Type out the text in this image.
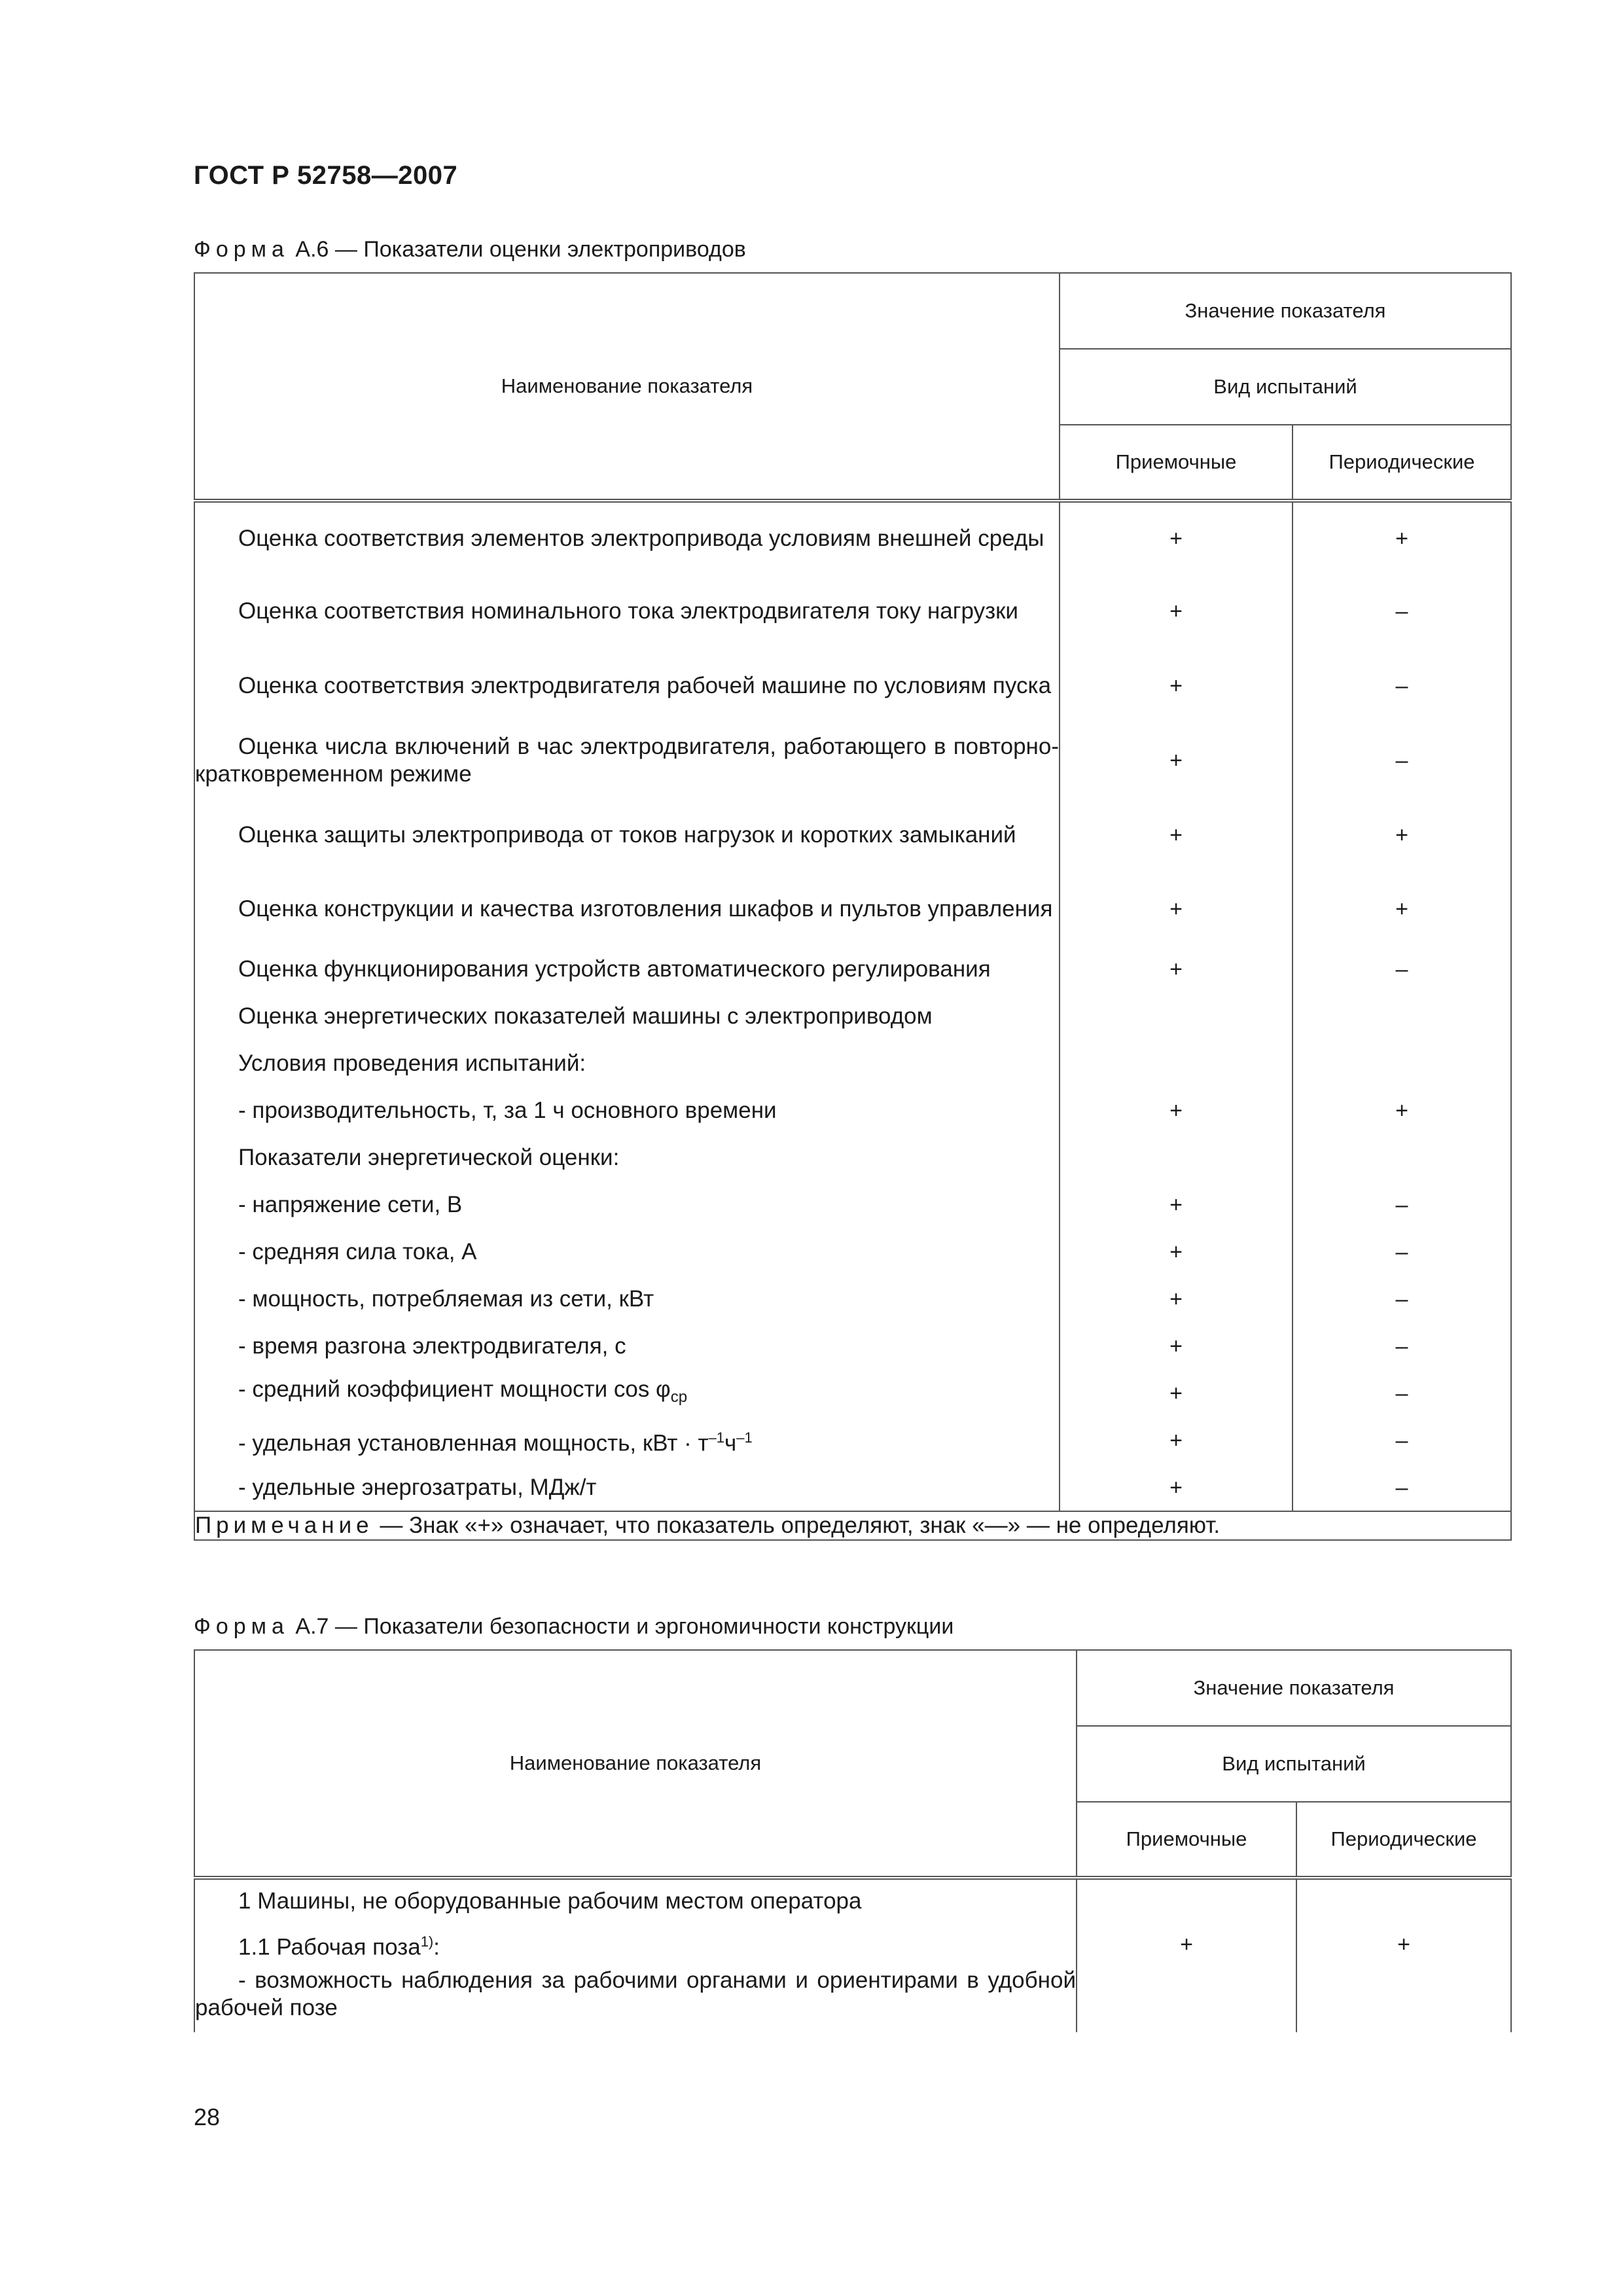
ГОСТ Р 52758—2007
Форма А.6 — Показатели оценки электроприводов
Наименование показателя	Значение показателя	
	Вид испытаний	
	Приемочные	Периодические

Оценка соответствия элементов электропривода условиям внешней среды	+	+

Оценка соответствия номинального тока электродвигателя току нагрузки	+	–

Оценка соответствия электродвигателя рабочей машине по условиям пуска	+	–

Оценка числа включений в час электродвигателя, работающего в повторно-кратковременном режиме	+	–

Оценка защиты электропривода от токов нагрузок и коротких замыканий	+	+

Оценка конструкции и качества изготовления шкафов и пультов управления	+	+

Оценка функционирования устройств автоматического регулирования	+	–

Оценка энергетических показателей машины с электроприводом		

Условия проведения испытаний:		

- производительность, т, за 1 ч основного времени	+	+

Показатели энергетической оценки:		

- напряжение сети, В	+	–

- средняя сила тока, А	+	–

- мощность, потребляемая из сети, кВт	+	–

- время разгона электродвигателя, с	+	–

- средний коэффициент мощности $\cos \varphi_{ср}$	+	–

- удельная установленная мощность, кВт · $т^{-1}ч^{-1}$	+	–

- удельные энергозатраты, МДж/т	+	–
Примечание — Знак «+» означает, что показатель определяют, знак «—» — не определяют.		
Форма А.7 — Показатели безопасности и эргономичности конструкции
Наименование показателя	Значение показателя	
	Вид испытаний	
	Приемочные	Периодические

1 Машины, не оборудованные рабочим местом оператора		

1.1 Рабочая поза$^{1)}$:	+	+

- возможность наблюдения за рабочими органами и ориентирами в удобной рабочей позе		

28
